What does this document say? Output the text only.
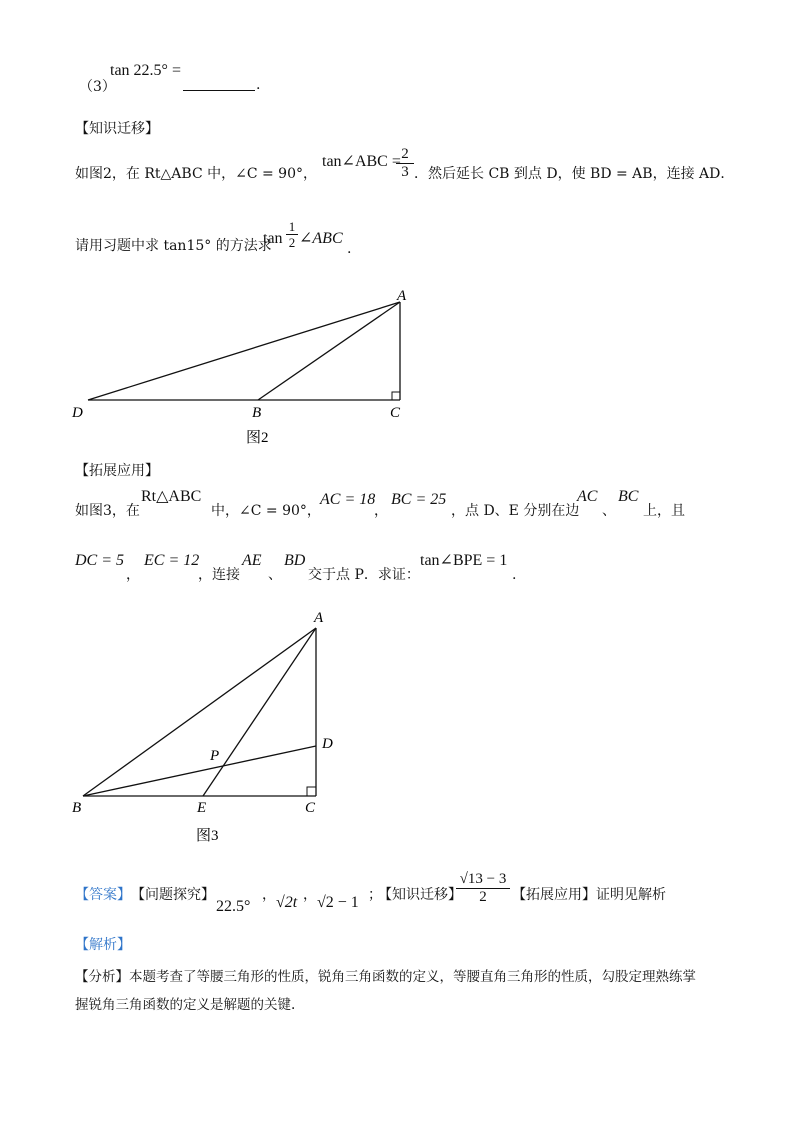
（3）
tan 22.5° =
.
【知识迁移】
如图2，在 Rt△ABC 中，∠C = 90°，
tan∠ABC =
$\frac{2}{3}$ ．然后延长 CB 到点 D，使 BD = AB，连接 AD．
请用习题中求 tan15° 的方法求
$\tan \frac{1}{2}$ ∠ABC
.
A
B	C
D
图2
【拓展应用】
如图3，在
Rt△ABC
中，∠C = 90°，
AC = 18
，
BC = 25
，点 D、E 分别在边
AC
、
BC
上，且
DC = 5
，
EC = 12
，连接
AE
、
BD
交于点 P．求证：
tan∠BPE = 1
.
A
B	C
D
E
P
图3
【答案】 【问题探究】
22.5°
， √2t ， √2 − 1 ；
【知识迁移】
$\frac{√13 - 3}{2}$ 【拓展应用】证明见解析
【解析】
【分析】本题考查了等腰三角形的性质，锐角三角函数的定义，等腰直角三角形的性质，勾股定理熟练掌
握锐角三角函数的定义是解题的关键.
